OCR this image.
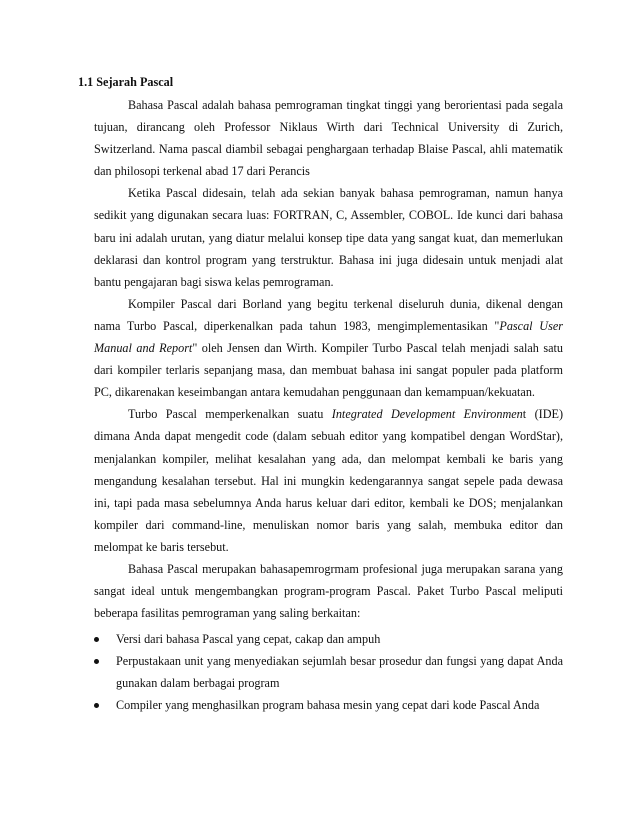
1.1 Sejarah Pascal

Bahasa Pascal adalah bahasa pemrograman tingkat tinggi yang berorientasi pada segala tujuan, dirancang oleh Professor Niklaus Wirth dari Technical University di Zurich, Switzerland. Nama pascal diambil sebagai penghargaan terhadap Blaise Pascal, ahli matematik dan philosopi terkenal abad 17 dari Perancis

Ketika Pascal didesain, telah ada sekian banyak bahasa pemrograman, namun hanya sedikit yang digunakan secara luas: FORTRAN, C, Assembler, COBOL. Ide kunci dari bahasa baru ini adalah urutan, yang diatur melalui konsep tipe data yang sangat kuat, dan memerlukan deklarasi dan kontrol program yang terstruktur. Bahasa ini juga didesain untuk menjadi alat bantu pengajaran bagi siswa kelas pemrograman.

Kompiler Pascal dari Borland yang begitu terkenal diseluruh dunia, dikenal dengan nama Turbo Pascal, diperkenalkan pada tahun 1983, mengimplementasikan "Pascal User Manual and Report" oleh Jensen dan Wirth. Kompiler Turbo Pascal telah menjadi salah satu dari kompiler terlaris sepanjang masa, dan membuat bahasa ini sangat populer pada platform PC, dikarenakan keseimbangan antara kemudahan penggunaan dan kemampuan/kekuatan.

Turbo Pascal memperkenalkan suatu Integrated Development Environment (IDE) dimana Anda dapat mengedit code (dalam sebuah editor yang kompatibel dengan WordStar), menjalankan kompiler, melihat kesalahan yang ada, dan melompat kembali ke baris yang mengandung kesalahan tersebut. Hal ini mungkin kedengarannya sangat sepele pada dewasa ini, tapi pada masa sebelumnya Anda harus keluar dari editor, kembali ke DOS; menjalankan kompiler dari command-line, menuliskan nomor baris yang salah, membuka editor dan melompat ke baris tersebut.

Bahasa Pascal merupakan bahasapemrogrmam profesional juga merupakan sarana yang sangat ideal untuk mengembangkan program-program Pascal. Paket Turbo Pascal meliputi beberapa fasilitas pemrograman yang saling berkaitan:

Versi dari bahasa Pascal yang cepat, cakap dan ampuh
Perpustakaan unit yang menyediakan sejumlah besar prosedur dan fungsi yang dapat Anda gunakan dalam berbagai program
Compiler yang menghasilkan program bahasa mesin yang cepat dari kode Pascal Anda
